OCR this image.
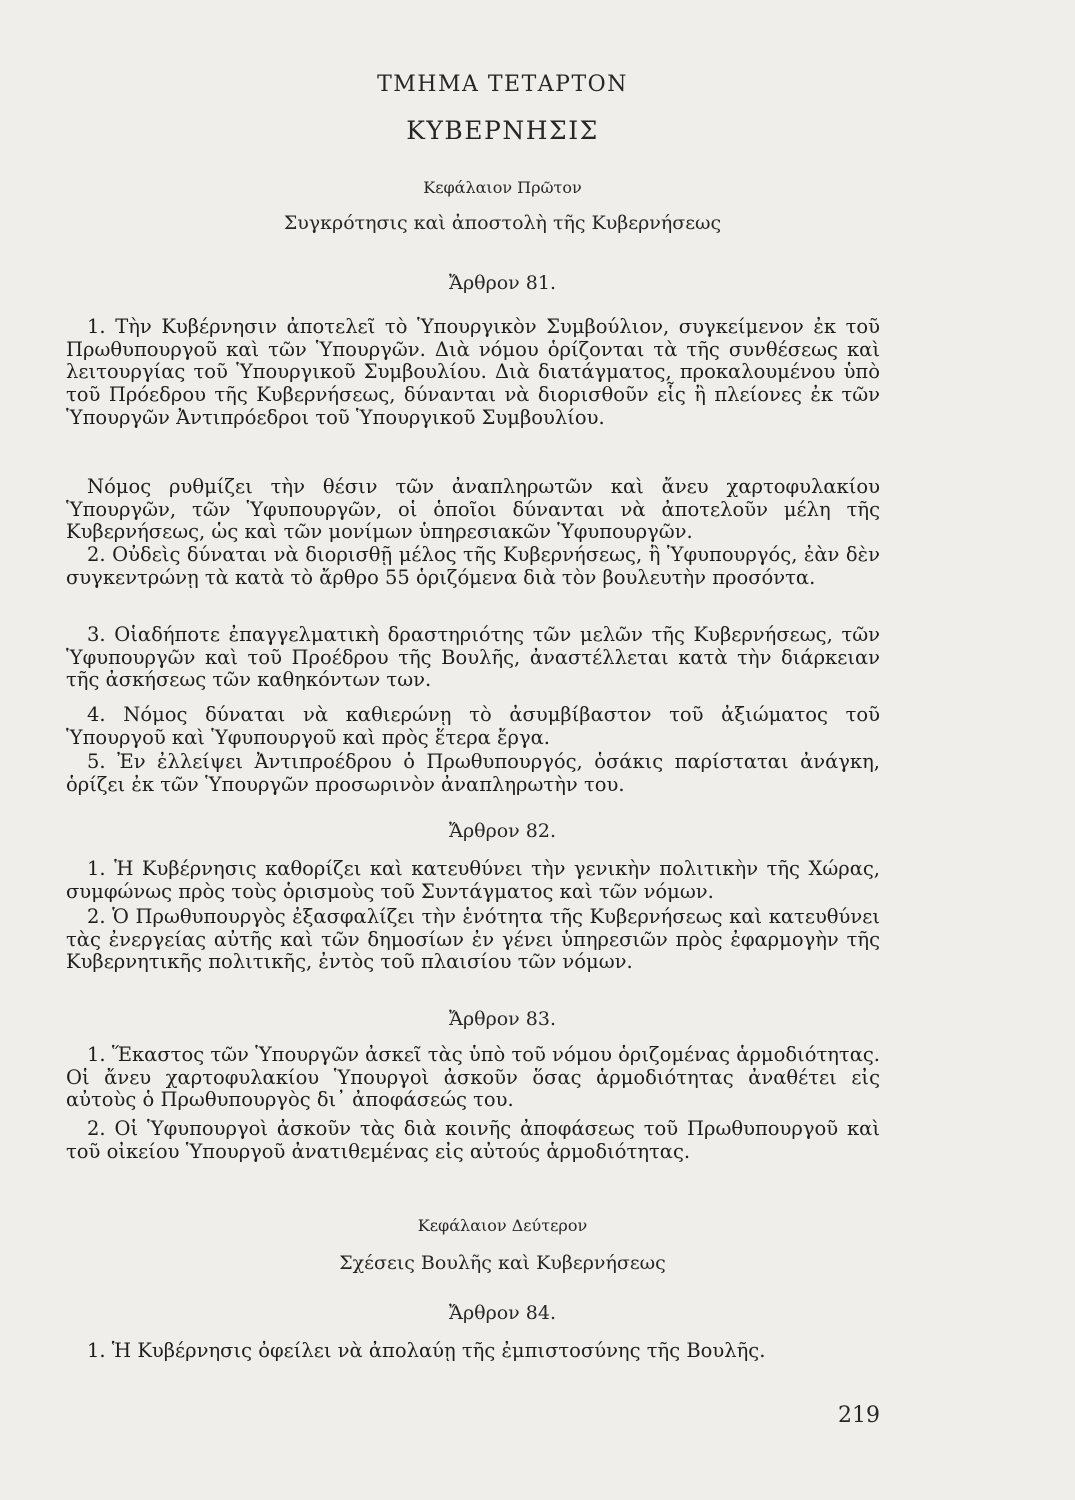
ΤΜΗΜΑ ΤΕΤΑΡΤΟΝ
ΚΥΒΕΡΝΗΣΙΣ
Κεφάλαιον Πρῶτον
Συγκρότησις καὶ ἀποστολὴ τῆς Κυβερνήσεως
Ἄρθρον 81.
1. Τὴν Κυβέρνησιν ἀποτελεῖ τὸ Ὑπουργικὸν Συμβούλιον, συγκείμενον ἐκ τοῦ Πρωθυπουργοῦ καὶ τῶν Ὑπουργῶν. Διὰ νόμου ὁρίζονται τὰ τῆς συνθέσεως καὶ λειτουργίας τοῦ Ὑπουργικοῦ Συμβουλίου. Διὰ διατάγματος, προκαλουμένου ὑπὸ τοῦ Πρόεδρου τῆς Κυβερνήσεως, δύνανται νὰ διορισθοῦν εἷς ἢ πλείονες ἐκ τῶν Ὑπουργῶν Ἀντιπρόεδροι τοῦ Ὑπουργικοῦ Συμβουλίου.
Νόμος ρυθμίζει τὴν θέσιν τῶν ἀναπληρωτῶν καὶ ἄνευ χαρτοφυλακίου Ὑπουργῶν, τῶν Ὑφυπουργῶν, οἱ ὁποῖοι δύνανται νὰ ἀποτελοῦν μέλη τῆς Κυβερνήσεως, ὡς καὶ τῶν μονίμων ὑπηρεσιακῶν Ὑφυπουργῶν.
2. Οὐδεὶς δύναται νὰ διορισθῇ μέλος τῆς Κυβερνήσεως, ἢ Ὑφυπουργός, ἐὰν δὲν συγκεντρώνῃ τὰ κατὰ τὸ ἄρθρο 55 ὁριζόμενα διὰ τὸν βουλευτὴν προσόντα.
3. Οἱαδήποτε ἐπαγγελματικὴ δραστηριότης τῶν μελῶν τῆς Κυβερνήσεως, τῶν Ὑφυπουργῶν καὶ τοῦ Προέδρου τῆς Βουλῆς, ἀναστέλλεται κατὰ τὴν διάρκειαν τῆς ἀσκήσεως τῶν καθηκόντων των.
4. Νόμος δύναται νὰ καθιερώνῃ τὸ ἀσυμβίβαστον τοῦ ἀξιώματος τοῦ Ὑπουργοῦ καὶ Ὑφυπουργοῦ καὶ πρὸς ἕτερα ἔργα.
5. Ἐν ἐλλείψει Ἀντιπροέδρου ὁ Πρωθυπουργός, ὁσάκις παρίσταται ἀνάγκη, ὁρίζει ἐκ τῶν Ὑπουργῶν προσωρινὸν ἀναπληρωτὴν του.
Ἄρθρον 82.
1. Ἡ Κυβέρνησις καθορίζει καὶ κατευθύνει τὴν γενικὴν πολιτικὴν τῆς Χώρας, συμφώνως πρὸς τοὺς ὁρισμοὺς τοῦ Συντάγματος καὶ τῶν νόμων.
2. Ὁ Πρωθυπουργὸς ἐξασφαλίζει τὴν ἑνότητα τῆς Κυβερνήσεως καὶ κατευθύνει τὰς ἐνεργείας αὐτῆς καὶ τῶν δημοσίων ἐν γένει ὑπηρεσιῶν πρὸς ἐφαρμογὴν τῆς Κυβερνητικῆς πολιτικῆς, ἐντὸς τοῦ πλαισίου τῶν νόμων.
Ἄρθρον 83.
1. Ἕκαστος τῶν Ὑπουργῶν ἀσκεῖ τὰς ὑπὸ τοῦ νόμου ὁριζομένας ἁρμοδιότητας. Οἱ ἄνευ χαρτοφυλακίου Ὑπουργοὶ ἀσκοῦν ὅσας ἁρμοδιότητας ἀναθέτει εἰς αὐτοὺς ὁ Πρωθυπουργὸς δι᾽ ἀποφάσεώς του.
2. Οἱ Ὑφυπουργοὶ ἀσκοῦν τὰς διὰ κοινῆς ἀποφάσεως τοῦ Πρωθυπουργοῦ καὶ τοῦ οἰκείου Ὑπουργοῦ ἀνατιθεμένας εἰς αὐτούς ἁρμοδιότητας.
Κεφάλαιον Δεύτερον
Σχέσεις Βουλῆς καὶ Κυβερνήσεως
Ἄρθρον 84.
1. Ἡ Κυβέρνησις ὀφείλει νὰ ἀπολαύῃ τῆς ἐμπιστοσύνης τῆς Βουλῆς.
219
